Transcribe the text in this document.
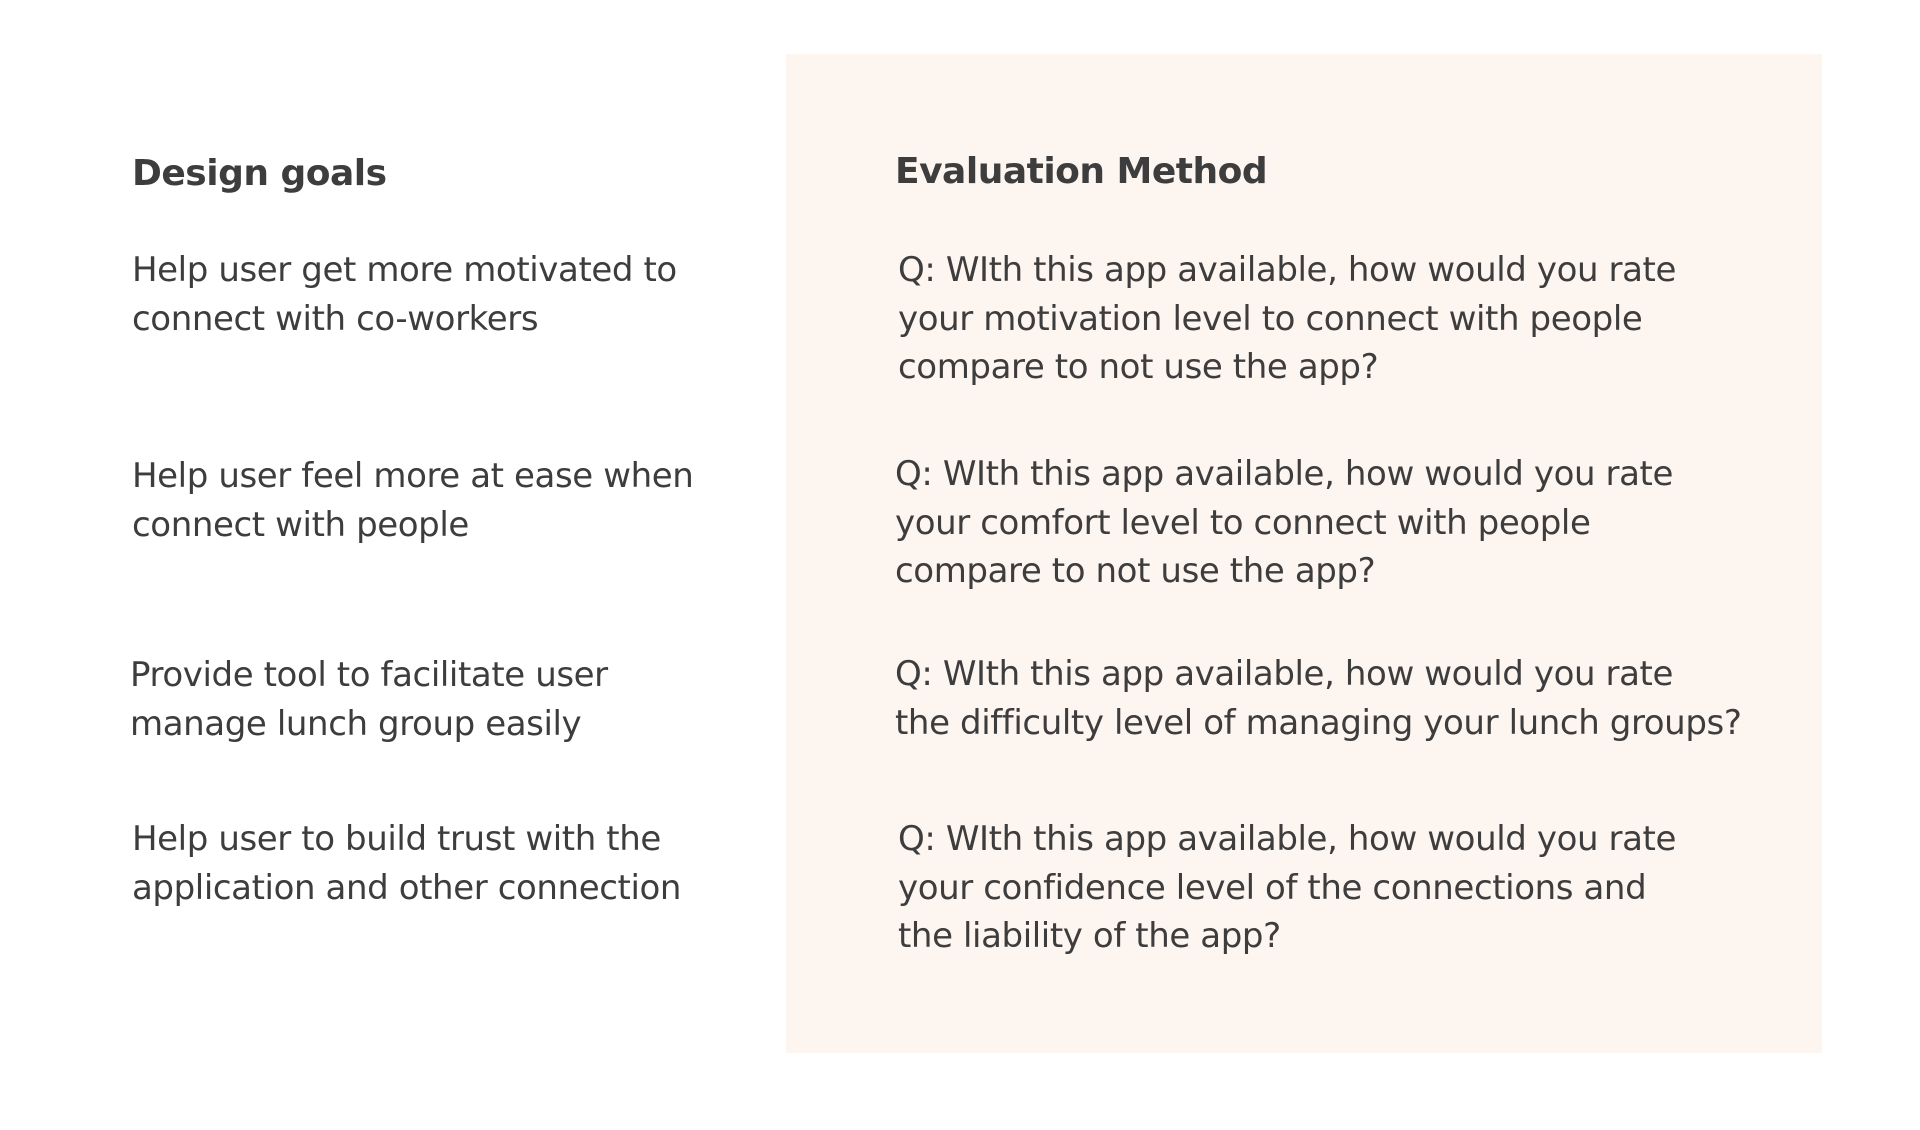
Design goals

Help user get more motivated to
connect with co-workers

Help user feel more at ease when
connect with people

Provide tool to facilitate user
manage lunch group easily

Help user to build trust with the
application and other connection

Evaluation Method

Q: WIth this app available, how would you rate
your motivation level to connect with people
compare to not use the app?

Q: WIth this app available, how would you rate
your comfort level to connect with people
compare to not use the app?

Q: WIth this app available, how would you rate
the difficulty level of managing your lunch groups?

Q: WIth this app available, how would you rate
your confidence level of the connections and
the liability of the app?
